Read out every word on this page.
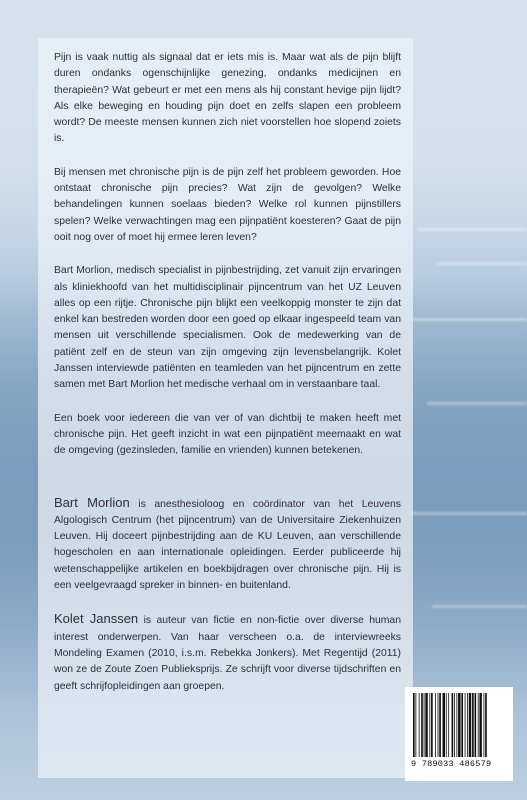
Pijn is vaak nuttig als signaal dat er iets mis is. Maar wat als de pijn blijft duren ondanks ogenschijnlijke genezing, ondanks medicijnen en therapieën? Wat gebeurt er met een mens als hij constant hevige pijn lijdt? Als elke beweging en houding pijn doet en zelfs slapen een probleem wordt? De meeste mensen kunnen zich niet voorstellen hoe slopend zoiets is.

Bij mensen met chronische pijn is de pijn zelf het probleem geworden. Hoe ontstaat chronische pijn precies? Wat zijn de gevolgen? Welke behandelingen kunnen soelaas bieden? Welke rol kunnen pijnstillers spelen? Welke verwachtingen mag een pijnpatiënt koesteren? Gaat de pijn ooit nog over of moet hij ermee leren leven?

Bart Morlion, medisch specialist in pijnbestrijding, zet vanuit zijn ervaringen als kliniekhoofd van het multidisciplinair pijncentrum van het UZ Leuven alles op een rijtje. Chronische pijn blijkt een veelkoppig monster te zijn dat enkel kan bestreden worden door een goed op elkaar ingespeeld team van mensen uit verschillende specialismen. Ook de medewerking van de patiënt zelf en de steun van zijn omgeving zijn levensbelangrijk. Kolet Janssen interviewde patiënten en teamleden van het pijncentrum en zette samen met Bart Morlion het medische verhaal om in verstaanbare taal.

Een boek voor iedereen die van ver of van dichtbij te maken heeft met chronische pijn. Het geeft inzicht in wat een pijnpatiënt meemaakt en wat de omgeving (gezinsleden, familie en vrienden) kunnen betekenen.

Bart Morlion is anesthesioloog en coördinator van het Leuvens Algologisch Centrum (het pijncentrum) van de Universitaire Ziekenhuizen Leuven. Hij doceert pijnbestrijding aan de KU Leuven, aan verschillende hogescholen en aan internationale opleidingen. Eerder publiceerde hij wetenschappelijke artikelen en boekbijdragen over chronische pijn. Hij is een veelgevraagd spreker in binnen- en buitenland.

Kolet Janssen is auteur van fictie en non-fictie over diverse human interest onderwerpen. Van haar verscheen o.a. de interviewreeks Mondeling Examen (2010, i.s.m. Rebekka Jonkers). Met Regentijd (2011) won ze de Zoute Zoen Publieksprijs. Ze schrijft voor diverse tijdschriften en geeft schrijfopleidingen aan groepen.

9 789033 486579
